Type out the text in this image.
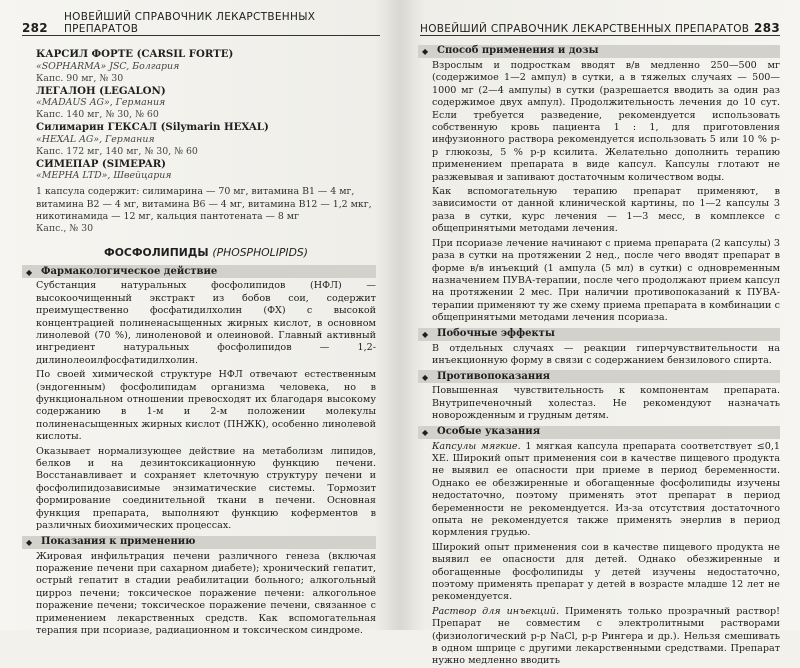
282
НОВЕЙШИЙ СПРАВОЧНИК ЛЕКАРСТВЕННЫХ ПРЕПАРАТОВ
КАРСИЛ ФОРТЕ (CARSIL FORTE)
«SOPHARMA» JSC, Болгария
Капс. 90 мг, № 30
ЛЕГАЛОН (LEGALON)
«MADAUS AG», Германия
Капс. 140 мг, № 30, № 60
Силимарин ГЕКСАЛ (Silymarin HEXAL)
«HEXAL AG», Германия
Капс. 172 мг, 140 мг, № 30, № 60
СИМЕПАР (SIMEPAR)
«MEPHA LTD», Швейцария
1 капсула содержит: силимарина — 70 мг, витамина B1 — 4 мг, витамина B2 — 4 мг, витамина B6 — 4 мг, витамина B12 — 1,2 мкг, никотинамида — 12 мг, кальция пантотената — 8 мг
Капс., № 30
ФОСФОЛИПИДЫ (PHOSPHOLIPIDS)
◆ Фармакологическое действие

Субстанция натуральных фосфолипидов (НФЛ) — высокоочищенный экстракт из бобов сои, содержит преимущественно фосфатидилхолин (ФХ) с высокой концентрацией полиненасыщенных жирных кислот, в основном линолевой (70 %), линоленовой и олеиновой. Главный активный ингредиент натуральных фосфолипидов — 1,2-дилинолеоилфосфатидилхолин.

По своей химической структуре НФЛ отвечают естественным (эндогенным) фосфолипидам организма человека, но в функциональном отношении превосходят их благодаря высокому содержанию в 1-м и 2-м положении молекулы полиненасыщенных жирных кислот (ПНЖК), особенно линолевой кислоты.

Оказывает нормализующее действие на метаболизм липидов, белков и на дезинтоксикационную функцию печени. Восстанавливает и сохраняет клеточную структуру печени и фосфолипидозависимые энзиматические системы. Тормозит формирование соединительной ткани в печени. Основная функция препарата, выполняют функцию коферментов в различных биохимических процессах.

◆ Показания к применению

Жировая инфильтрация печени различного генеза (включая поражение печени при сахарном диабете); хронический гепатит, острый гепатит в стадии реабилитации больного; алкогольный цирроз печени; токсическое поражение печени: алкогольное поражение печени; токсическое поражение печени, связанное с применением лекарственных средств. Как вспомогательная терапия при псориазе, радиационном и токсическом синдроме.

НОВЕЙШИЙ СПРАВОЧНИК ЛЕКАРСТВЕННЫХ ПРЕПАРАТОВ 283
◆ Способ применения и дозы

Взрослым и подросткам вводят в/в медленно 250—500 мг (содержимое 1—2 ампул) в сутки, а в тяжелых случаях — 500—1000 мг (2—4 ампулы) в сутки (разрешается вводить за один раз содержимое двух ампул). Продолжительность лечения до 10 сут. Если требуется разведение, рекомендуется использовать собственную кровь пациента 1 : 1, для приготовления инфузионного раствора рекомендуется использовать 5 или 10 % р-р глюкозы, 5 % р-р ксилита. Желательно дополнить терапию применением препарата в виде капсул. Капсулы глотают не разжевывая и запивают достаточным количеством воды.

Как вспомогательную терапию препарат применяют, в зависимости от данной клинической картины, по 1—2 капсулы 3 раза в сутки, курс лечения — 1—3 месс, в комплексе с общепринятыми методами лечения.

При псориазе лечение начинают с приема препарата (2 капсулы) 3 раза в сутки на протяжении 2 нед., после чего вводят препарат в форме в/в инъекций (1 ампула (5 мл) в сутки) с одновременным назначением ПУВА-терапии, после чего продолжают прием капсул на протяжении 2 мес. При наличии противопоказаний к ПУВА-терапии применяют ту же схему приема препарата в комбинации с общепринятыми методами лечения псориаза.

◆ Побочные эффекты

В отдельных случаях — реакции гиперчувствительности на инъекционную форму в связи с содержанием бензилового спирта.

◆ Противопоказания

Повышенная чувствительность к компонентам препарата. Внутрипеченочный холестаз. Не рекомендуют назначать новорожденным и грудным детям.

◆ Особые указания

Капсулы мягкие. 1 мягкая капсула препарата соответствует ≤0,1 ХЕ. Широкий опыт применения сои в качестве пищевого продукта не выявил ее опасности при приеме в период беременности. Однако ее обезжиренные и обогащенные фосфолипиды изучены недостаточно, поэтому применять этот препарат в период беременности не рекомендуется. Из-за отсутствия достаточного опыта не рекомендуется также применять энерлив в период кормления грудью.

Широкий опыт применения сои в качестве пищевого продукта не выявил ее опасности для детей. Однако обезжиренные и обогащенные фосфолипиды у детей изучены недостаточно, поэтому применять препарат у детей в возрасте младше 12 лет не рекомендуется.

Раствор для инъекций. Применять только прозрачный раствор! Препарат не совместим с электролитными растворами (физиологический р-р NaCl, р-р Рингера и др.). Нельзя смешивать в одном шприце с другими лекарственными средствами. Препарат нужно медленно вводить
